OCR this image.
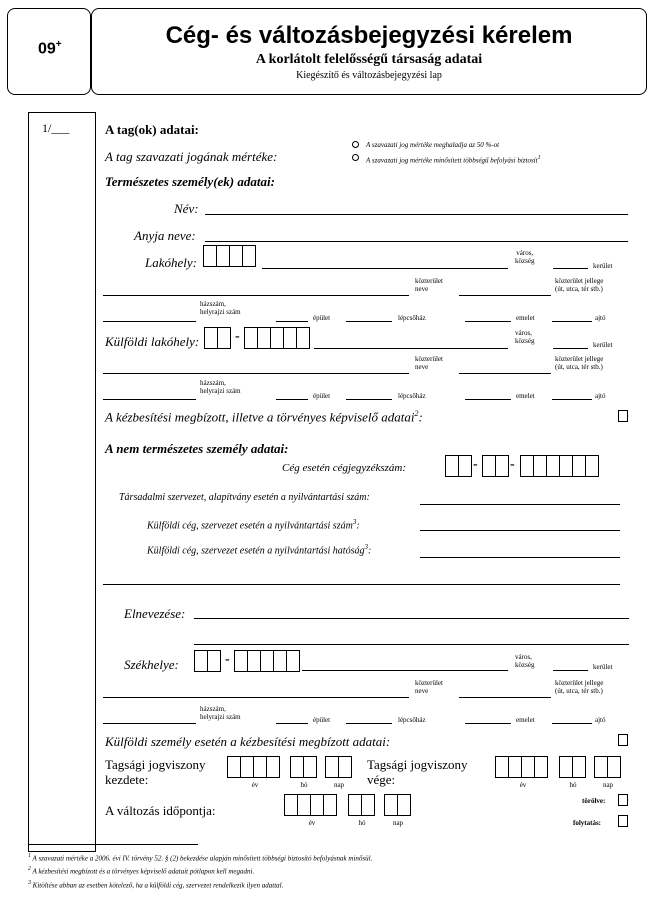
09+	Cég- és változásbejegyzési kérelem
A korlátolt felelősségű társaság adatai
Kiegészítő és változásbejegyzési lap
1/___	A tag(ok) adatai:
A tag szavazati jogának mértéke:
A szavazati jog mértéke meghaladja az 50 %-ot
A szavazati jog mértéke minősített többségű befolyási biztosít$^1$
Természetes személy(ek) adatai:
Név:
Anyja neve:
Lakóhely:
város,
község
kerület
közterület
neve
közterület jellege
(út, utca, tér stb.)
házszám,
helyrajzi szám
épület	lépcsőház	emelet	ajtó
Külföldi lakóhely:	-	város,
község	kerület
közterület
neve
közterület jellege
(út, utca, tér stb.)
házszám,
helyrajzi szám
épület	lépcsőház	emelet	ajtó
A kézbesítési megbízott, illetve a törvényes képviselő adatai$^2$:
A nem természetes személy adatai:
Cég esetén cégjegyzékszám:	- -
Társadalmi szervezet, alapítvány esetén a nyilvántartási szám:
Külföldi cég, szervezet esetén a nyilvántartási szám$^3$:
Külföldi cég, szervezet esetén a nyilvántartási hatóság$^3$:
Elnevezése:
Székhelye:	-	város,
község	kerület
közterület
neve
közterület jellege
(út, utca, tér stb.)
házszám,
helyrajzi szám	épület	lépcsőház	emelet	ajtó
Külföldi személy esetén a kézbesítési megbízott adatai:
Tagsági jogviszony
kezdete:	év	hó	nap
Tagsági jogviszony
vége:	év	hó	nap
A változás időpontja:
év	hó	nap
törölve:
folytatás:
$^1$ A szavazati mértéke a 2006. évi IV. törvény 52. § (2) bekezdése alapján minősített többségi biztosító befolyásnak minősül.
$^2$ A kézbesítési megbízott és a törvényes képviselő adatait pótlapon kell megadni.
$^3$ Kitöltése abban az esetben kötelező, ha a külföldi cég, szervezet rendelkezik ilyen adattal.
